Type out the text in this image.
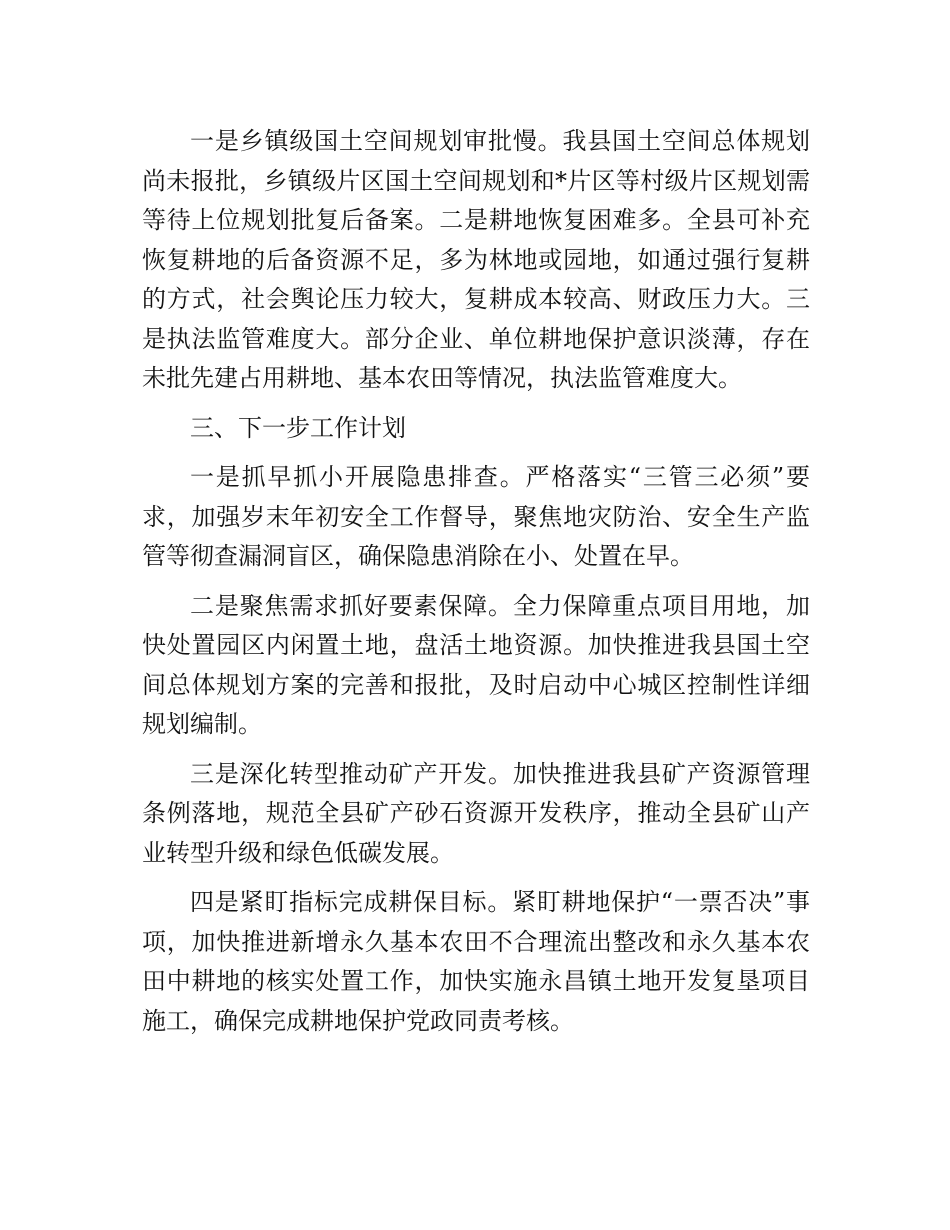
一是乡镇级国土空间规划审批慢。我县国土空间总体规划尚未报批，乡镇级片区国土空间规划和*片区等村级片区规划需等待上位规划批复后备案。二是耕地恢复困难多。全县可补充恢复耕地的后备资源不足，多为林地或园地，如通过强行复耕的方式，社会舆论压力较大，复耕成本较高、财政压力大。三是执法监管难度大。部分企业、单位耕地保护意识淡薄，存在未批先建占用耕地、基本农田等情况，执法监管难度大。

三、下一步工作计划

一是抓早抓小开展隐患排查。严格落实“三管三必须”要求，加强岁末年初安全工作督导，聚焦地灾防治、安全生产监管等彻查漏洞盲区，确保隐患消除在小、处置在早。

二是聚焦需求抓好要素保障。全力保障重点项目用地，加快处置园区内闲置土地，盘活土地资源。加快推进我县国土空间总体规划方案的完善和报批，及时启动中心城区控制性详细规划编制。

三是深化转型推动矿产开发。加快推进我县矿产资源管理条例落地，规范全县矿产砂石资源开发秩序，推动全县矿山产业转型升级和绿色低碳发展。

四是紧盯指标完成耕保目标。紧盯耕地保护“一票否决”事项，加快推进新增永久基本农田不合理流出整改和永久基本农田中耕地的核实处置工作，加快实施永昌镇土地开发复垦项目施工，确保完成耕地保护党政同责考核。
